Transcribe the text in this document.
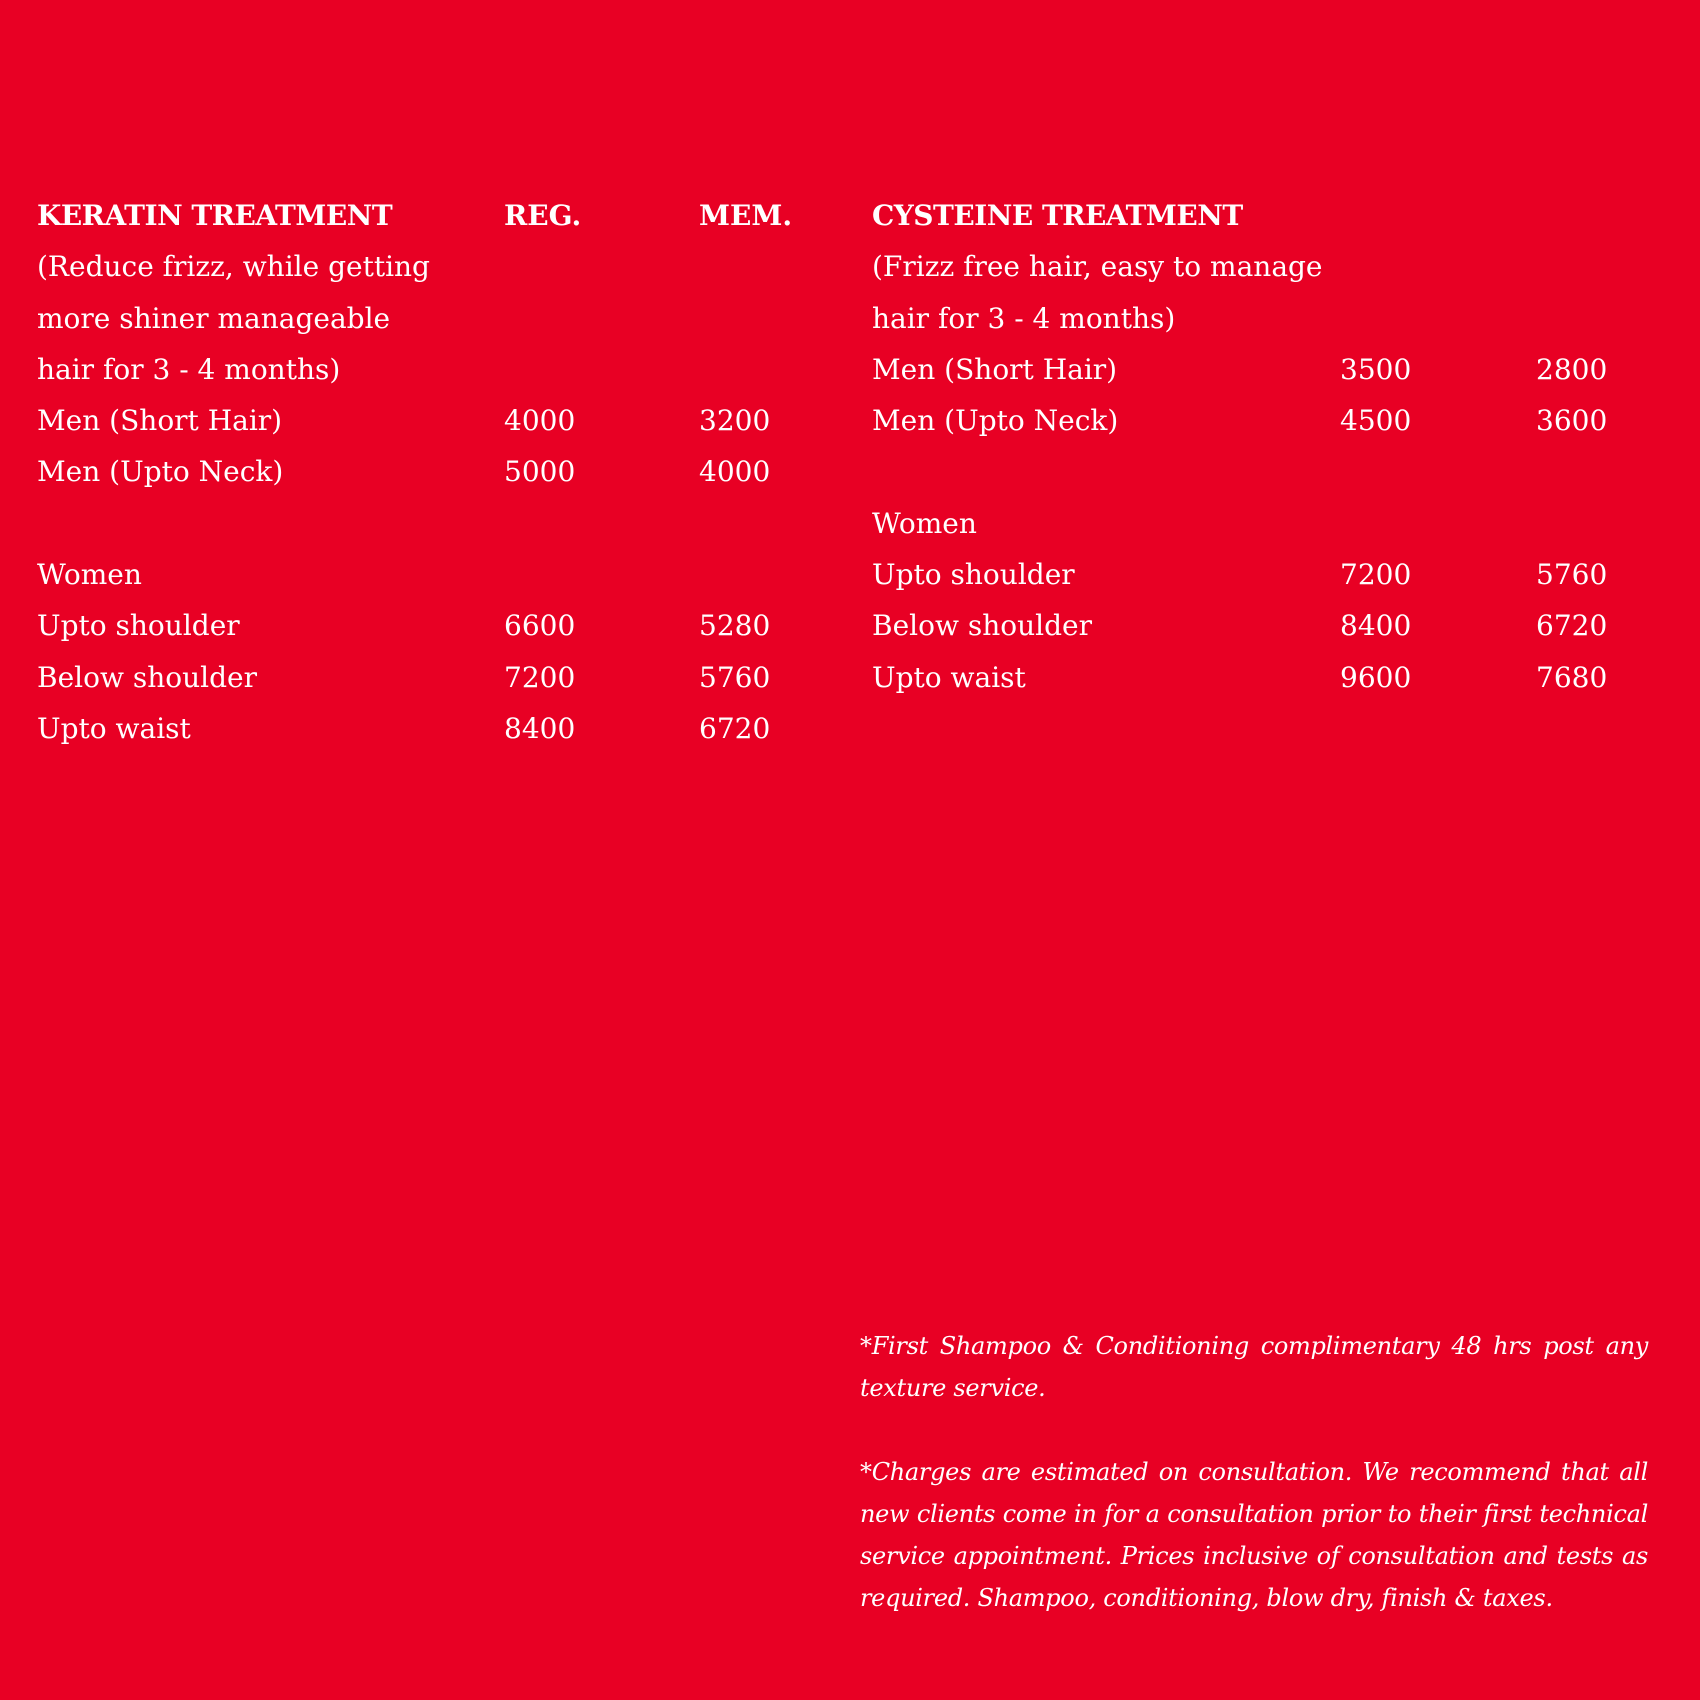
KERATIN TREATMENT	REG.	MEM.
(Reduce frizz, while getting
more shiner manageable
hair for 3 - 4 months)
Men (Short Hair)	4000	3200
Men (Upto Neck)	5000	4000
Women
Upto shoulder	6600	5280
Below shoulder	7200	5760
Upto waist	8400	6720
CYSTEINE TREATMENT
(Frizz free hair, easy to manage
hair for 3 - 4 months)
Men (Short Hair)	3500	2800
Men (Upto Neck)	4500	3600
Women
Upto shoulder	7200	5760
Below shoulder	8400	6720
Upto waist	9600	7680

*First Shampoo & Conditioning complimentary 48 hrs post any texture service.

*Charges are estimated on consultation. We recommend that all new clients come in for a consultation prior to their first technical service appointment. Prices inclusive of consultation and tests as required. Shampoo, conditioning, blow dry, finish & taxes.
